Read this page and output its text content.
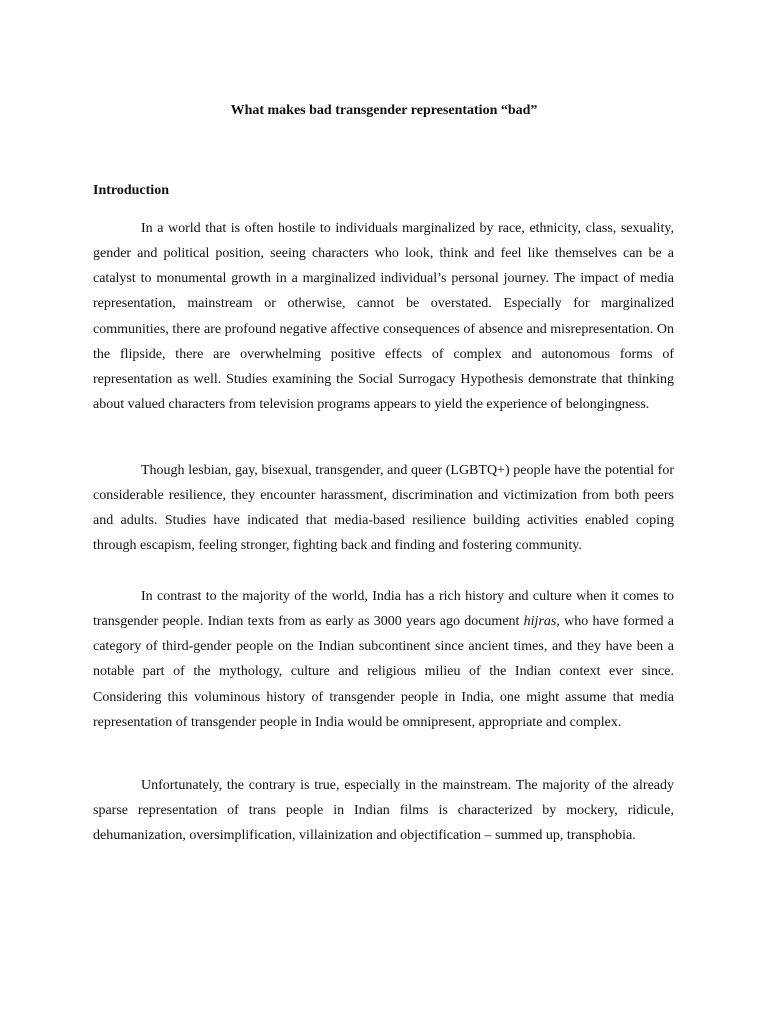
What makes bad transgender representation “bad”

Introduction

In a world that is often hostile to individuals marginalized by race, ethnicity, class, sexuality, gender and political position, seeing characters who look, think and feel like themselves can be a catalyst to monumental growth in a marginalized individual’s personal journey. The impact of media representation, mainstream or otherwise, cannot be overstated. Especially for marginalized communities, there are profound negative affective consequences of absence and misrepresentation. On the flipside, there are overwhelming positive effects of complex and autonomous forms of representation as well. Studies examining the Social Surrogacy Hypothesis demonstrate that thinking about valued characters from television programs appears to yield the experience of belongingness.

Though lesbian, gay, bisexual, transgender, and queer (LGBTQ+) people have the potential for considerable resilience, they encounter harassment, discrimination and victimization from both peers and adults. Studies have indicated that media-based resilience building activities enabled coping through escapism, feeling stronger, fighting back and finding and fostering community.

In contrast to the majority of the world, India has a rich history and culture when it comes to transgender people. Indian texts from as early as 3000 years ago document hijras, who have formed a category of third-gender people on the Indian subcontinent since ancient times, and they have been a notable part of the mythology, culture and religious milieu of the Indian context ever since. Considering this voluminous history of transgender people in India, one might assume that media representation of transgender people in India would be omnipresent, appropriate and complex.

Unfortunately, the contrary is true, especially in the mainstream. The majority of the already sparse representation of trans people in Indian films is characterized by mockery, ridicule, dehumanization, oversimplification, villainization and objectification – summed up, transphobia.
